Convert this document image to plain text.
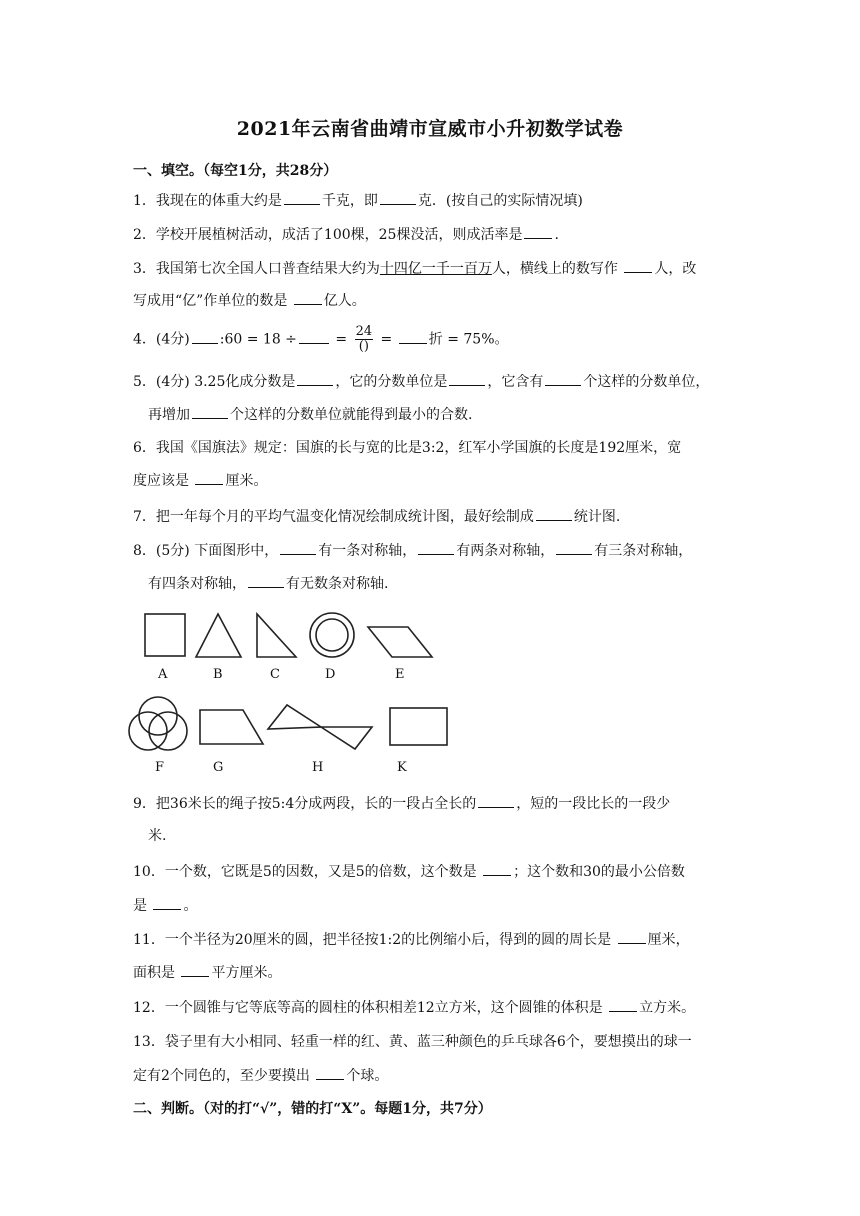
2021年云南省曲靖市宣威市小升初数学试卷
一、填空。（每空1分，共28分）
1．我现在的体重大约是	千克，即	克．(按自己的实际情况填)
2．学校开展植树活动，成活了100棵，25棵没活，则成活率是 .
3．我国第七次全国人口普查结果大约为十四亿一千一百万人，横线上的数写作 人，改
写成用“亿”作单位的数是 亿人。
4．(4分) :60 = 18 ÷ = $\frac{24}{()}$ = 折 = 75%。
5．(4分) 3.25化成分数是	，它的分数单位是	，它含有	个这样的分数单位，
再增加	个这样的分数单位就能得到最小的合数.
6．我国《国旗法》规定：国旗的长与宽的比是3:2，红军小学国旗的长度是192厘米，宽
度应该是 厘米。
7．把一年每个月的平均气温变化情况绘制成统计图，最好绘制成	统计图.
8．(5分) 下面图形中，	有一条对称轴，	有两条对称轴，	有三条对称轴，
有四条对称轴，	有无数条对称轴.
A	B	C	D	E
F	G	H	K
9．把36米长的绳子按5:4分成两段，长的一段占全长的	，短的一段比长的一段少
米.
10．一个数，它既是5的因数，又是5的倍数，这个数是 ；这个数和30的最小公倍数
是 。
11．一个半径为20厘米的圆，把半径按1:2的比例缩小后，得到的圆的周长是 厘米，
面积是 平方厘米。
12．一个圆锥与它等底等高的圆柱的体积相差12立方米，这个圆锥的体积是 立方米。
13．袋子里有大小相同、轻重一样的红、黄、蓝三种颜色的乒乓球各6个，要想摸出的球一
定有2个同色的，至少要摸出 个球。
二、判断。（对的打“√”，错的打“X”。每题1分，共7分）
